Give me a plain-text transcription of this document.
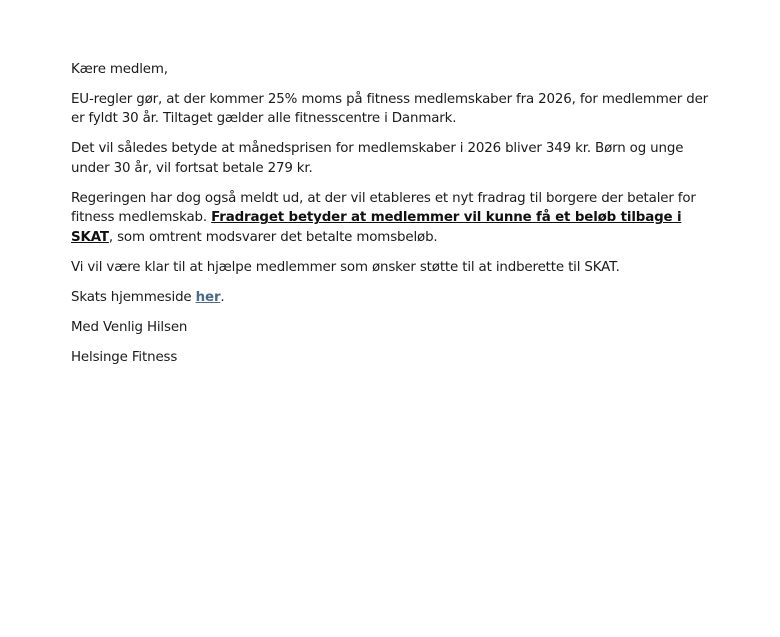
Kære medlem,

EU-regler gør, at der kommer 25% moms på fitness medlemskaber fra 2026, for medlemmer der er fyldt 30 år. Tiltaget gælder alle fitnesscentre i Danmark.

Det vil således betyde at månedsprisen for medlemskaber i 2026 bliver 349 kr. Børn og unge under 30 år, vil fortsat betale 279 kr.

Regeringen har dog også meldt ud, at der vil etableres et nyt fradrag til borgere der betaler for fitness medlemskab. Fradraget betyder at medlemmer vil kunne få et beløb tilbage i SKAT, som omtrent modsvarer det betalte momsbeløb.

Vi vil være klar til at hjælpe medlemmer som ønsker støtte til at indberette til SKAT.

Skats hjemmeside her.

Med Venlig Hilsen

Helsinge Fitness
